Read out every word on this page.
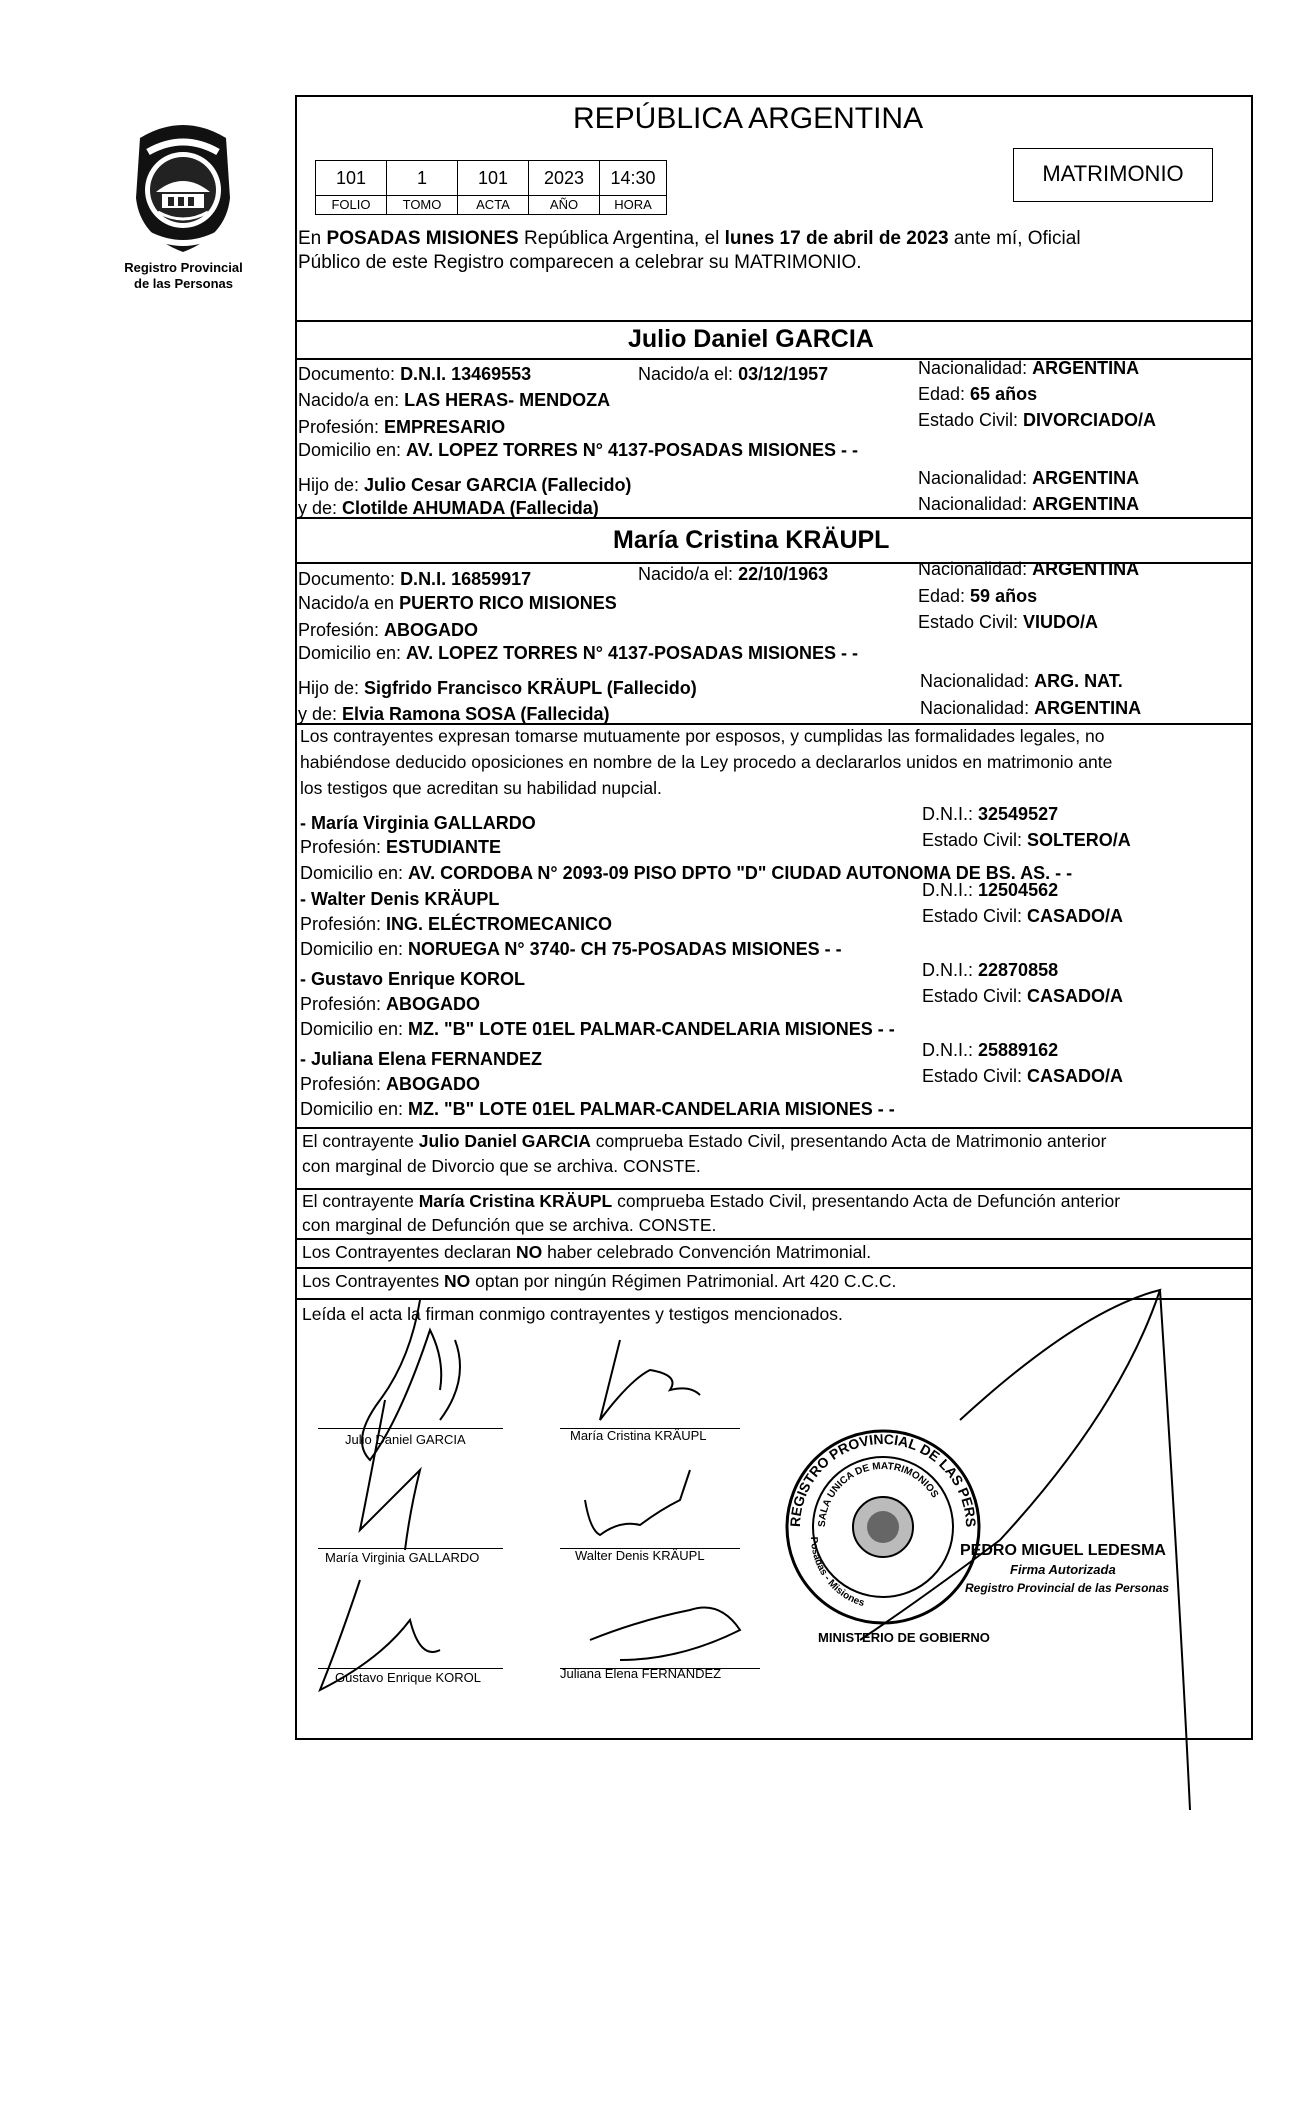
Registro Provincial
de las Personas
REPÚBLICA ARGENTINA
101	1	101	2023	14:30
FOLIO	TOMO	ACTA	AÑO	HORA
MATRIMONIO
En POSADAS MISIONES República Argentina, el lunes 17 de abril de 2023 ante mí, Oficial
Público de este Registro comparecen a celebrar su MATRIMONIO.
Julio Daniel GARCIA
Documento: D.N.I. 13469553	Nacido/a el: 03/12/1957	Nacionalidad: ARGENTINA
Nacido/a en: LAS HERAS- MENDOZA	Edad: 65 años
Profesión: EMPRESARIO	Estado Civil: DIVORCIADO/A
Domicilio en: AV. LOPEZ TORRES N° 4137-POSADAS MISIONES - -
Hijo de: Julio Cesar GARCIA (Fallecido)	Nacionalidad: ARGENTINA
y de: Clotilde AHUMADA (Fallecida)	Nacionalidad: ARGENTINA
María Cristina KRÄUPL
Documento: D.N.I. 16859917	Nacido/a el: 22/10/1963	Nacionalidad: ARGENTINA
Nacido/a en PUERTO RICO MISIONES	Edad: 59 años
Profesión: ABOGADO	Estado Civil: VIUDO/A
Domicilio en: AV. LOPEZ TORRES N° 4137-POSADAS MISIONES - -
Hijo de: Sigfrido Francisco KRÄUPL (Fallecido)	Nacionalidad: ARG. NAT.
y de: Elvia Ramona SOSA (Fallecida)	Nacionalidad: ARGENTINA
Los contrayentes expresan tomarse mutuamente por esposos, y cumplidas las formalidades legales, no
habiéndose deducido oposiciones en nombre de la Ley procedo a declararlos unidos en matrimonio ante
los testigos que acreditan su habilidad nupcial.
- María Virginia GALLARDO	D.N.I.: 32549527
Profesión: ESTUDIANTE	Estado Civil: SOLTERO/A
Domicilio en: AV. CORDOBA N° 2093-09 PISO DPTO "D" CIUDAD AUTONOMA DE BS. AS. - -
- Walter Denis KRÄUPL	D.N.I.: 12504562
Profesión: ING. ELÉCTROMECANICO	Estado Civil: CASADO/A
Domicilio en: NORUEGA N° 3740- CH 75-POSADAS MISIONES - -
- Gustavo Enrique KOROL	D.N.I.: 22870858
Profesión: ABOGADO	Estado Civil: CASADO/A
Domicilio en: MZ. "B" LOTE 01EL PALMAR-CANDELARIA MISIONES - -
- Juliana Elena FERNANDEZ	D.N.I.: 25889162
Profesión: ABOGADO	Estado Civil: CASADO/A
Domicilio en: MZ. "B" LOTE 01EL PALMAR-CANDELARIA MISIONES - -
El contrayente Julio Daniel GARCIA comprueba Estado Civil, presentando Acta de Matrimonio anterior
con marginal de Divorcio que se archiva. CONSTE.
El contrayente María Cristina KRÄUPL comprueba Estado Civil, presentando Acta de Defunción anterior
con marginal de Defunción que se archiva. CONSTE.
Los Contrayentes declaran NO haber celebrado Convención Matrimonial.
Los Contrayentes NO optan por ningún Régimen Patrimonial. Art 420 C.C.C.
Leída el acta la firman conmigo contrayentes y testigos mencionados.
Julio Daniel GARCIA	María Cristina KRÄUPL
María Virginia GALLARDO	Walter Denis KRÄUPL
Gustavo Enrique KOROL	Juliana Elena FERNANDEZ
REGISTRO PROVINCIAL DE LAS PERS
SALA UNICA DE MATRIMONIOS
Posadas - Misiones
MINISTERIO DE GOBIERNO
PEDRO MIGUEL LEDESMA
Firma Autorizada
Registro Provincial de las Personas
